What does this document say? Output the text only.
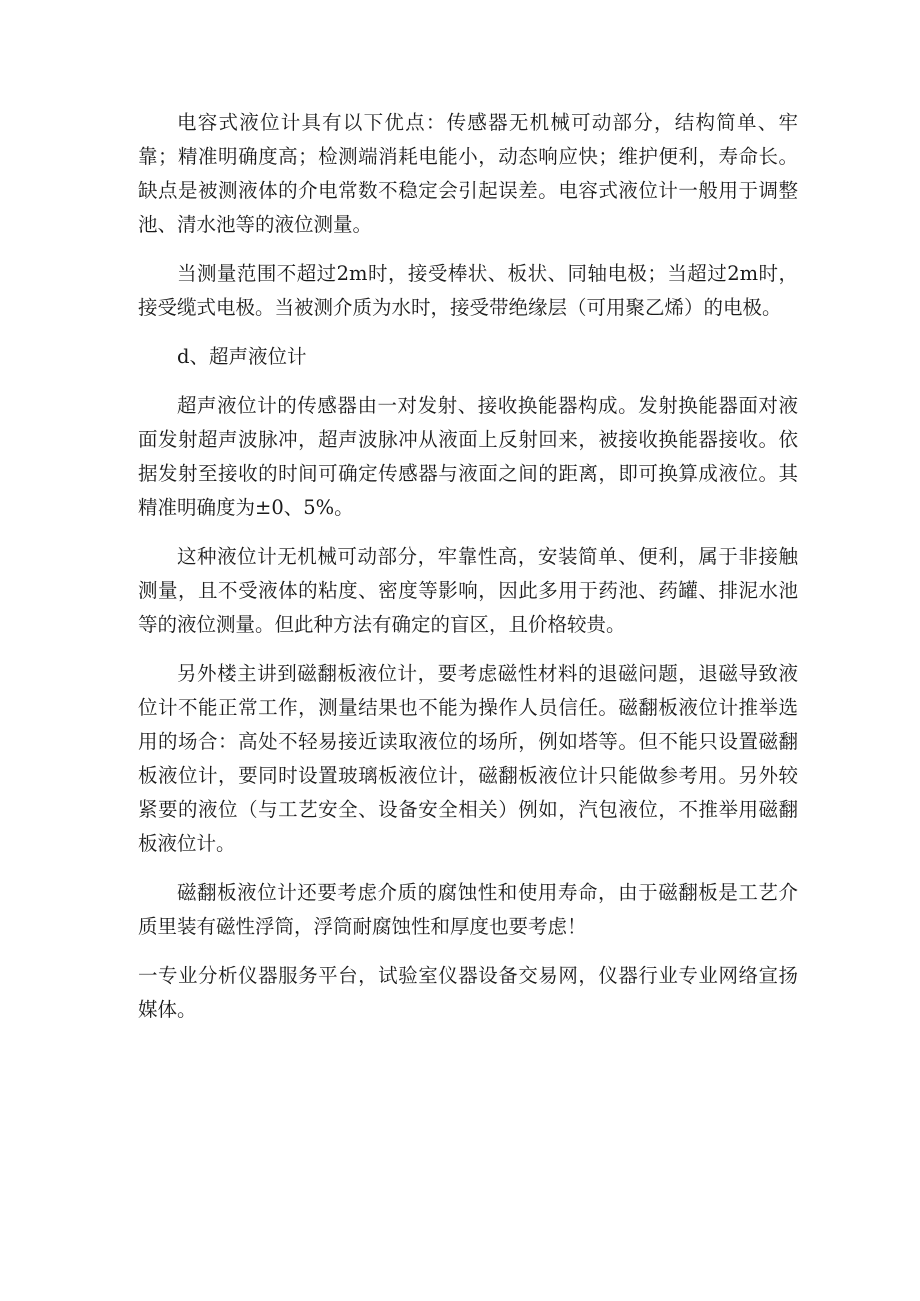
电容式液位计具有以下优点：传感器无机械可动部分，结构简单、牢靠；精准明确度高；检测端消耗电能小，动态响应快；维护便利，寿命长。缺点是被测液体的介电常数不稳定会引起误差。电容式液位计一般用于调整池、清水池等的液位测量。

当测量范围不超过2m时，接受棒状、板状、同轴电极；当超过2m时，接受缆式电极。当被测介质为水时，接受带绝缘层（可用聚乙烯）的电极。

d、超声液位计

超声液位计的传感器由一对发射、接收换能器构成。发射换能器面对液面发射超声波脉冲，超声波脉冲从液面上反射回来，被接收换能器接收。依据发射至接收的时间可确定传感器与液面之间的距离，即可换算成液位。其精准明确度为±0、5%。

这种液位计无机械可动部分，牢靠性高，安装简单、便利，属于非接触测量，且不受液体的粘度、密度等影响，因此多用于药池、药罐、排泥水池等的液位测量。但此种方法有确定的盲区，且价格较贵。

另外楼主讲到磁翻板液位计，要考虑磁性材料的退磁问题，退磁导致液位计不能正常工作，测量结果也不能为操作人员信任。磁翻板液位计推举选用的场合：高处不轻易接近读取液位的场所，例如塔等。但不能只设置磁翻板液位计，要同时设置玻璃板液位计，磁翻板液位计只能做参考用。另外较紧要的液位（与工艺安全、设备安全相关）例如，汽包液位，不推举用磁翻板液位计。

磁翻板液位计还要考虑介质的腐蚀性和使用寿命，由于磁翻板是工艺介质里装有磁性浮筒，浮筒耐腐蚀性和厚度也要考虑！

一专业分析仪器服务平台，试验室仪器设备交易网，仪器行业专业网络宣扬媒体。
